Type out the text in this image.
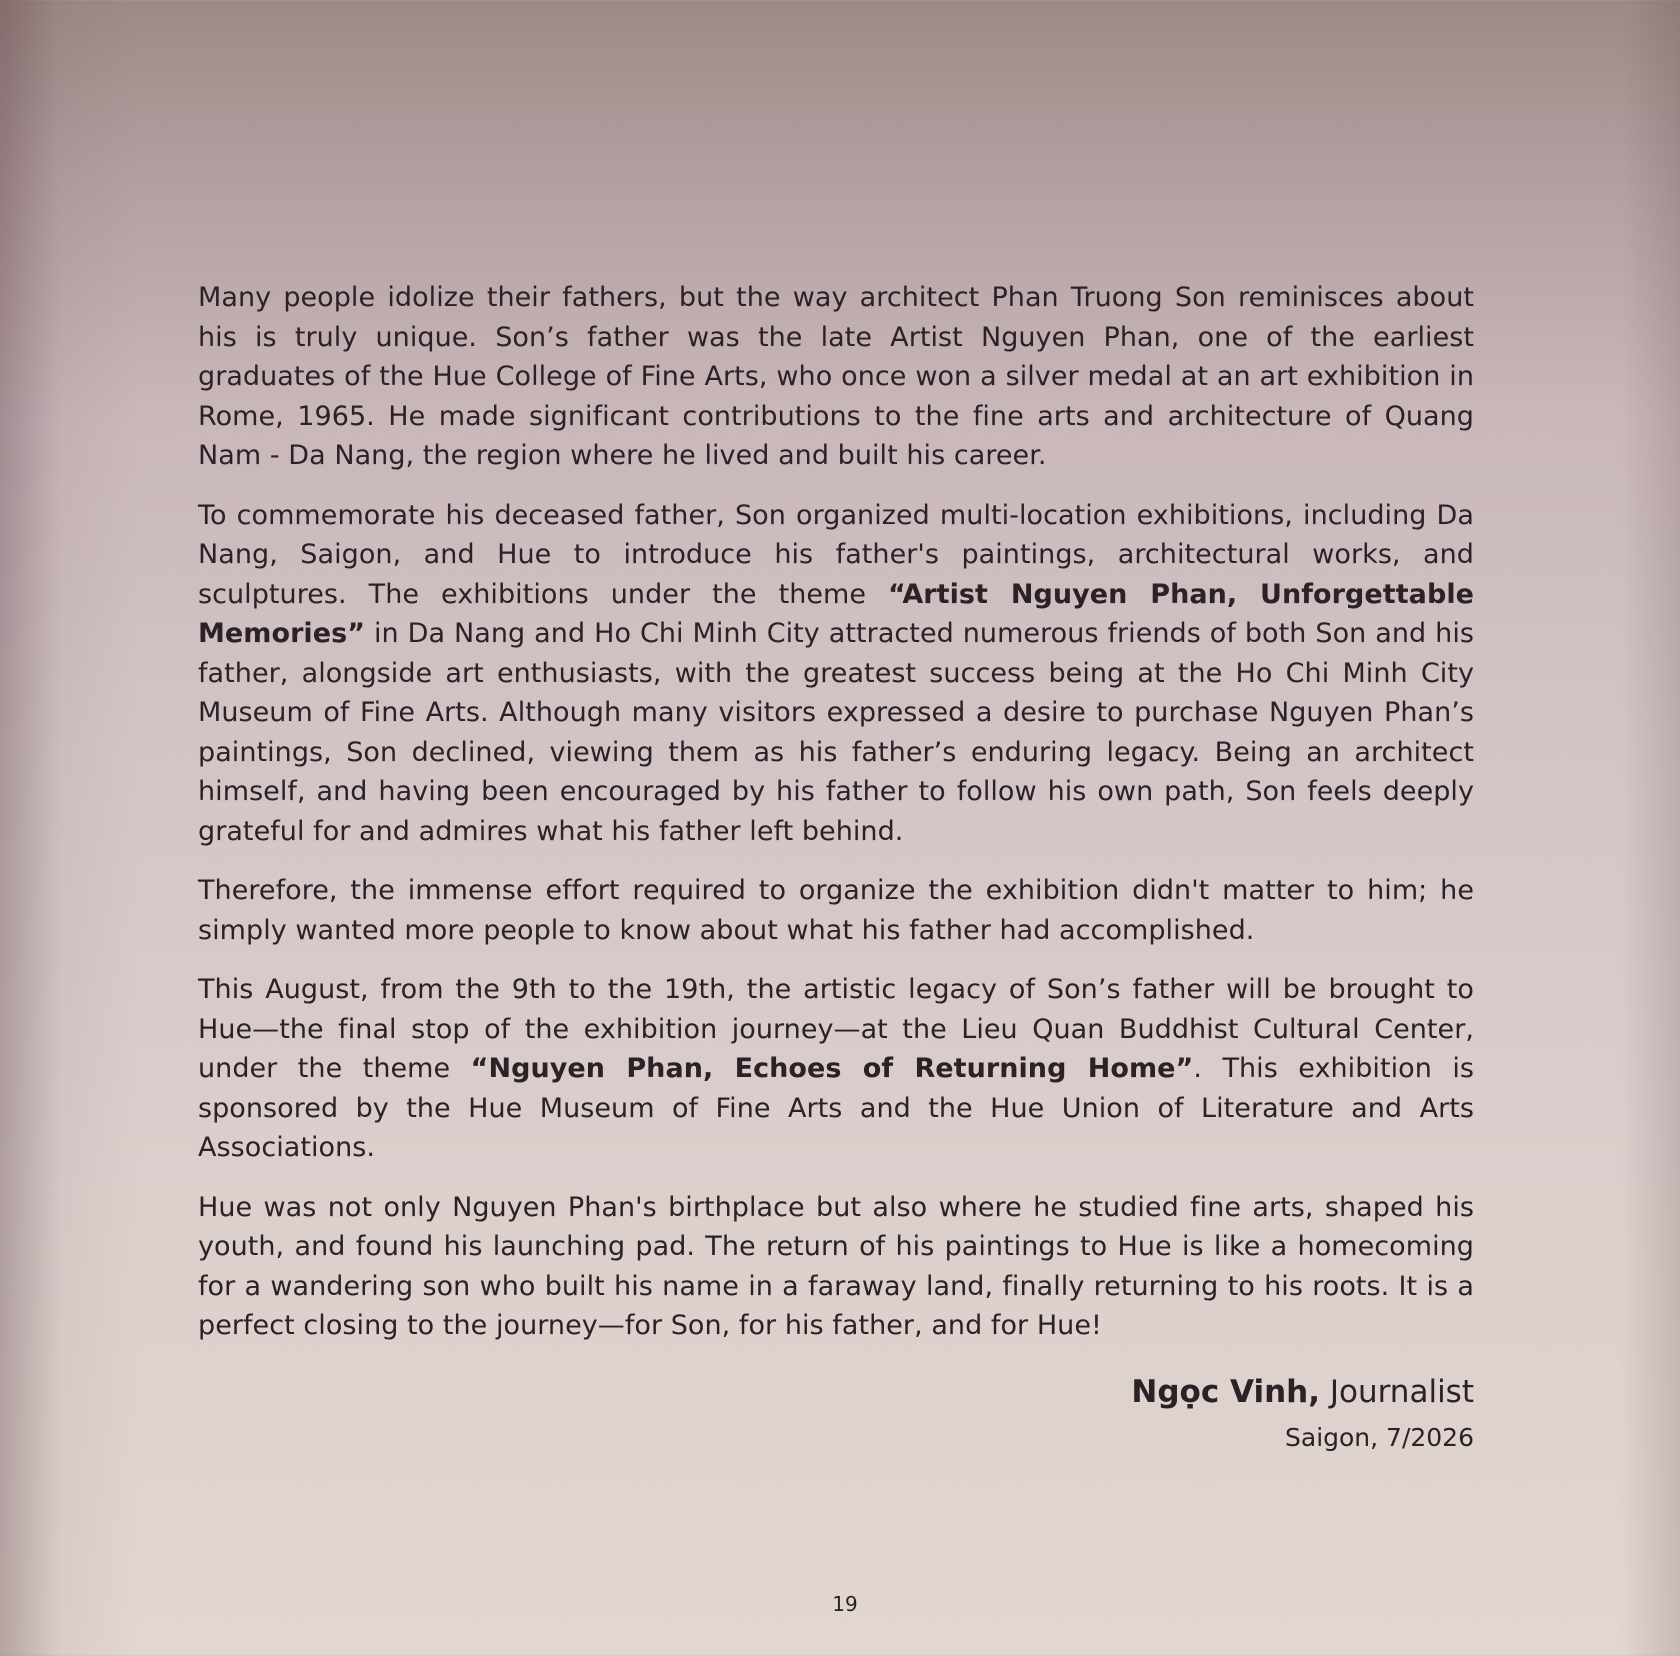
Many people idolize their fathers, but the way architect Phan Truong Son reminisces about his is truly unique. Son’s father was the late Artist Nguyen Phan, one of the earliest graduates of the Hue College of Fine Arts, who once won a silver medal at an art exhibition in Rome, 1965. He made significant contributions to the fine arts and architecture of Quang Nam - Da Nang, the region where he lived and built his career.

To commemorate his deceased father, Son organized multi-location exhibitions, including Da Nang, Saigon, and Hue to introduce his father's paintings, architectural works, and sculptures. The exhibitions under the theme “Artist Nguyen Phan, Unforgettable Memories” in Da Nang and Ho Chi Minh City attracted numerous friends of both Son and his father, alongside art enthusiasts, with the greatest success being at the Ho Chi Minh City Museum of Fine Arts. Although many visitors expressed a desire to purchase Nguyen Phan’s paintings, Son declined, viewing them as his father’s enduring legacy. Being an architect himself, and having been encouraged by his father to follow his own path, Son feels deeply grateful for and admires what his father left behind.

Therefore, the immense effort required to organize the exhibition didn't matter to him; he simply wanted more people to know about what his father had accomplished.

This August, from the 9th to the 19th, the artistic legacy of Son’s father will be brought to Hue—the final stop of the exhibition journey—at the Lieu Quan Buddhist Cultural Center, under the theme “Nguyen Phan, Echoes of Returning Home”. This exhibition is sponsored by the Hue Museum of Fine Arts and the Hue Union of Literature and Arts Associations.

Hue was not only Nguyen Phan's birthplace but also where he studied fine arts, shaped his youth, and found his launching pad. The return of his paintings to Hue is like a homecoming for a wandering son who built his name in a faraway land, finally returning to his roots. It is a perfect closing to the journey—for Son, for his father, and for Hue!

Ngọc Vinh, Journalist
Saigon, 7/2026
19
